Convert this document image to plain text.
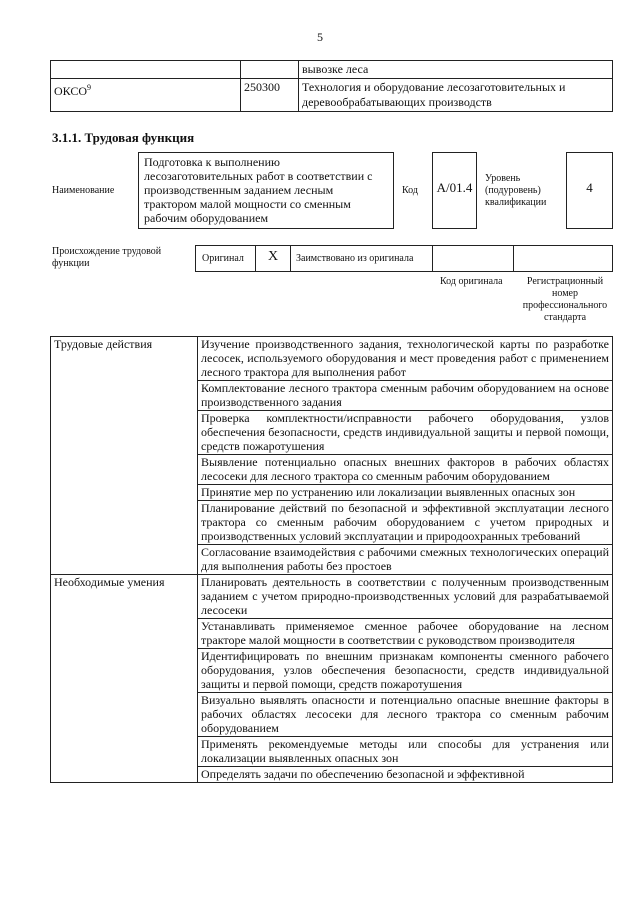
5
		вывозке леса
ОКСО$^9$	250300	Технология и оборудование лесозаготовительных и деревообрабатывающих производств
3.1.1. Трудовая функция
Наименование
Подготовка к выполнению лесозаготовительных работ в соответствии с производственным заданием лесным трактором малой мощности со сменным рабочим оборудованием
Код	А/01.4
Уровень (подуровень) квалификации
4
Происхождение трудовой функции	Оригинал X Заимствовано из оригинала
Код оригинала	Регистрационный номер профессионального стандарта
Трудовые действия	Изучение производственного задания, технологической карты по разработке лесосек, используемого оборудования и мест проведения работ с применением лесного трактора для выполнения работ
	Комплектование лесного трактора сменным рабочим оборудованием на основе производственного задания
	Проверка комплектности/исправности рабочего оборудования, узлов обеспечения безопасности, средств индивидуальной защиты и первой помощи, средств пожаротушения
	Выявление потенциально опасных внешних факторов в рабочих областях лесосеки для лесного трактора со сменным рабочим оборудованием
	Принятие мер по устранению или локализации выявленных опасных зон
	Планирование действий по безопасной и эффективной эксплуатации лесного трактора со сменным рабочим оборудованием с учетом природных и производственных условий эксплуатации и природоохранных требований
	Согласование взаимодействия с рабочими смежных технологических операций для выполнения работы без простоев
Необходимые умения	Планировать деятельность в соответствии с полученным производственным заданием с учетом природно-производственных условий для разрабатываемой лесосеки
	Устанавливать применяемое сменное рабочее оборудование на лесном тракторе малой мощности в соответствии с руководством производителя
	Идентифицировать по внешним признакам компоненты сменного рабочего оборудования, узлов обеспечения безопасности, средств индивидуальной защиты и первой помощи, средств пожаротушения
	Визуально выявлять опасности и потенциально опасные внешние факторы в рабочих областях лесосеки для лесного трактора со сменным рабочим оборудованием
	Применять рекомендуемые методы или способы для устранения или локализации выявленных опасных зон
	Определять задачи по обеспечению безопасной и эффективной
